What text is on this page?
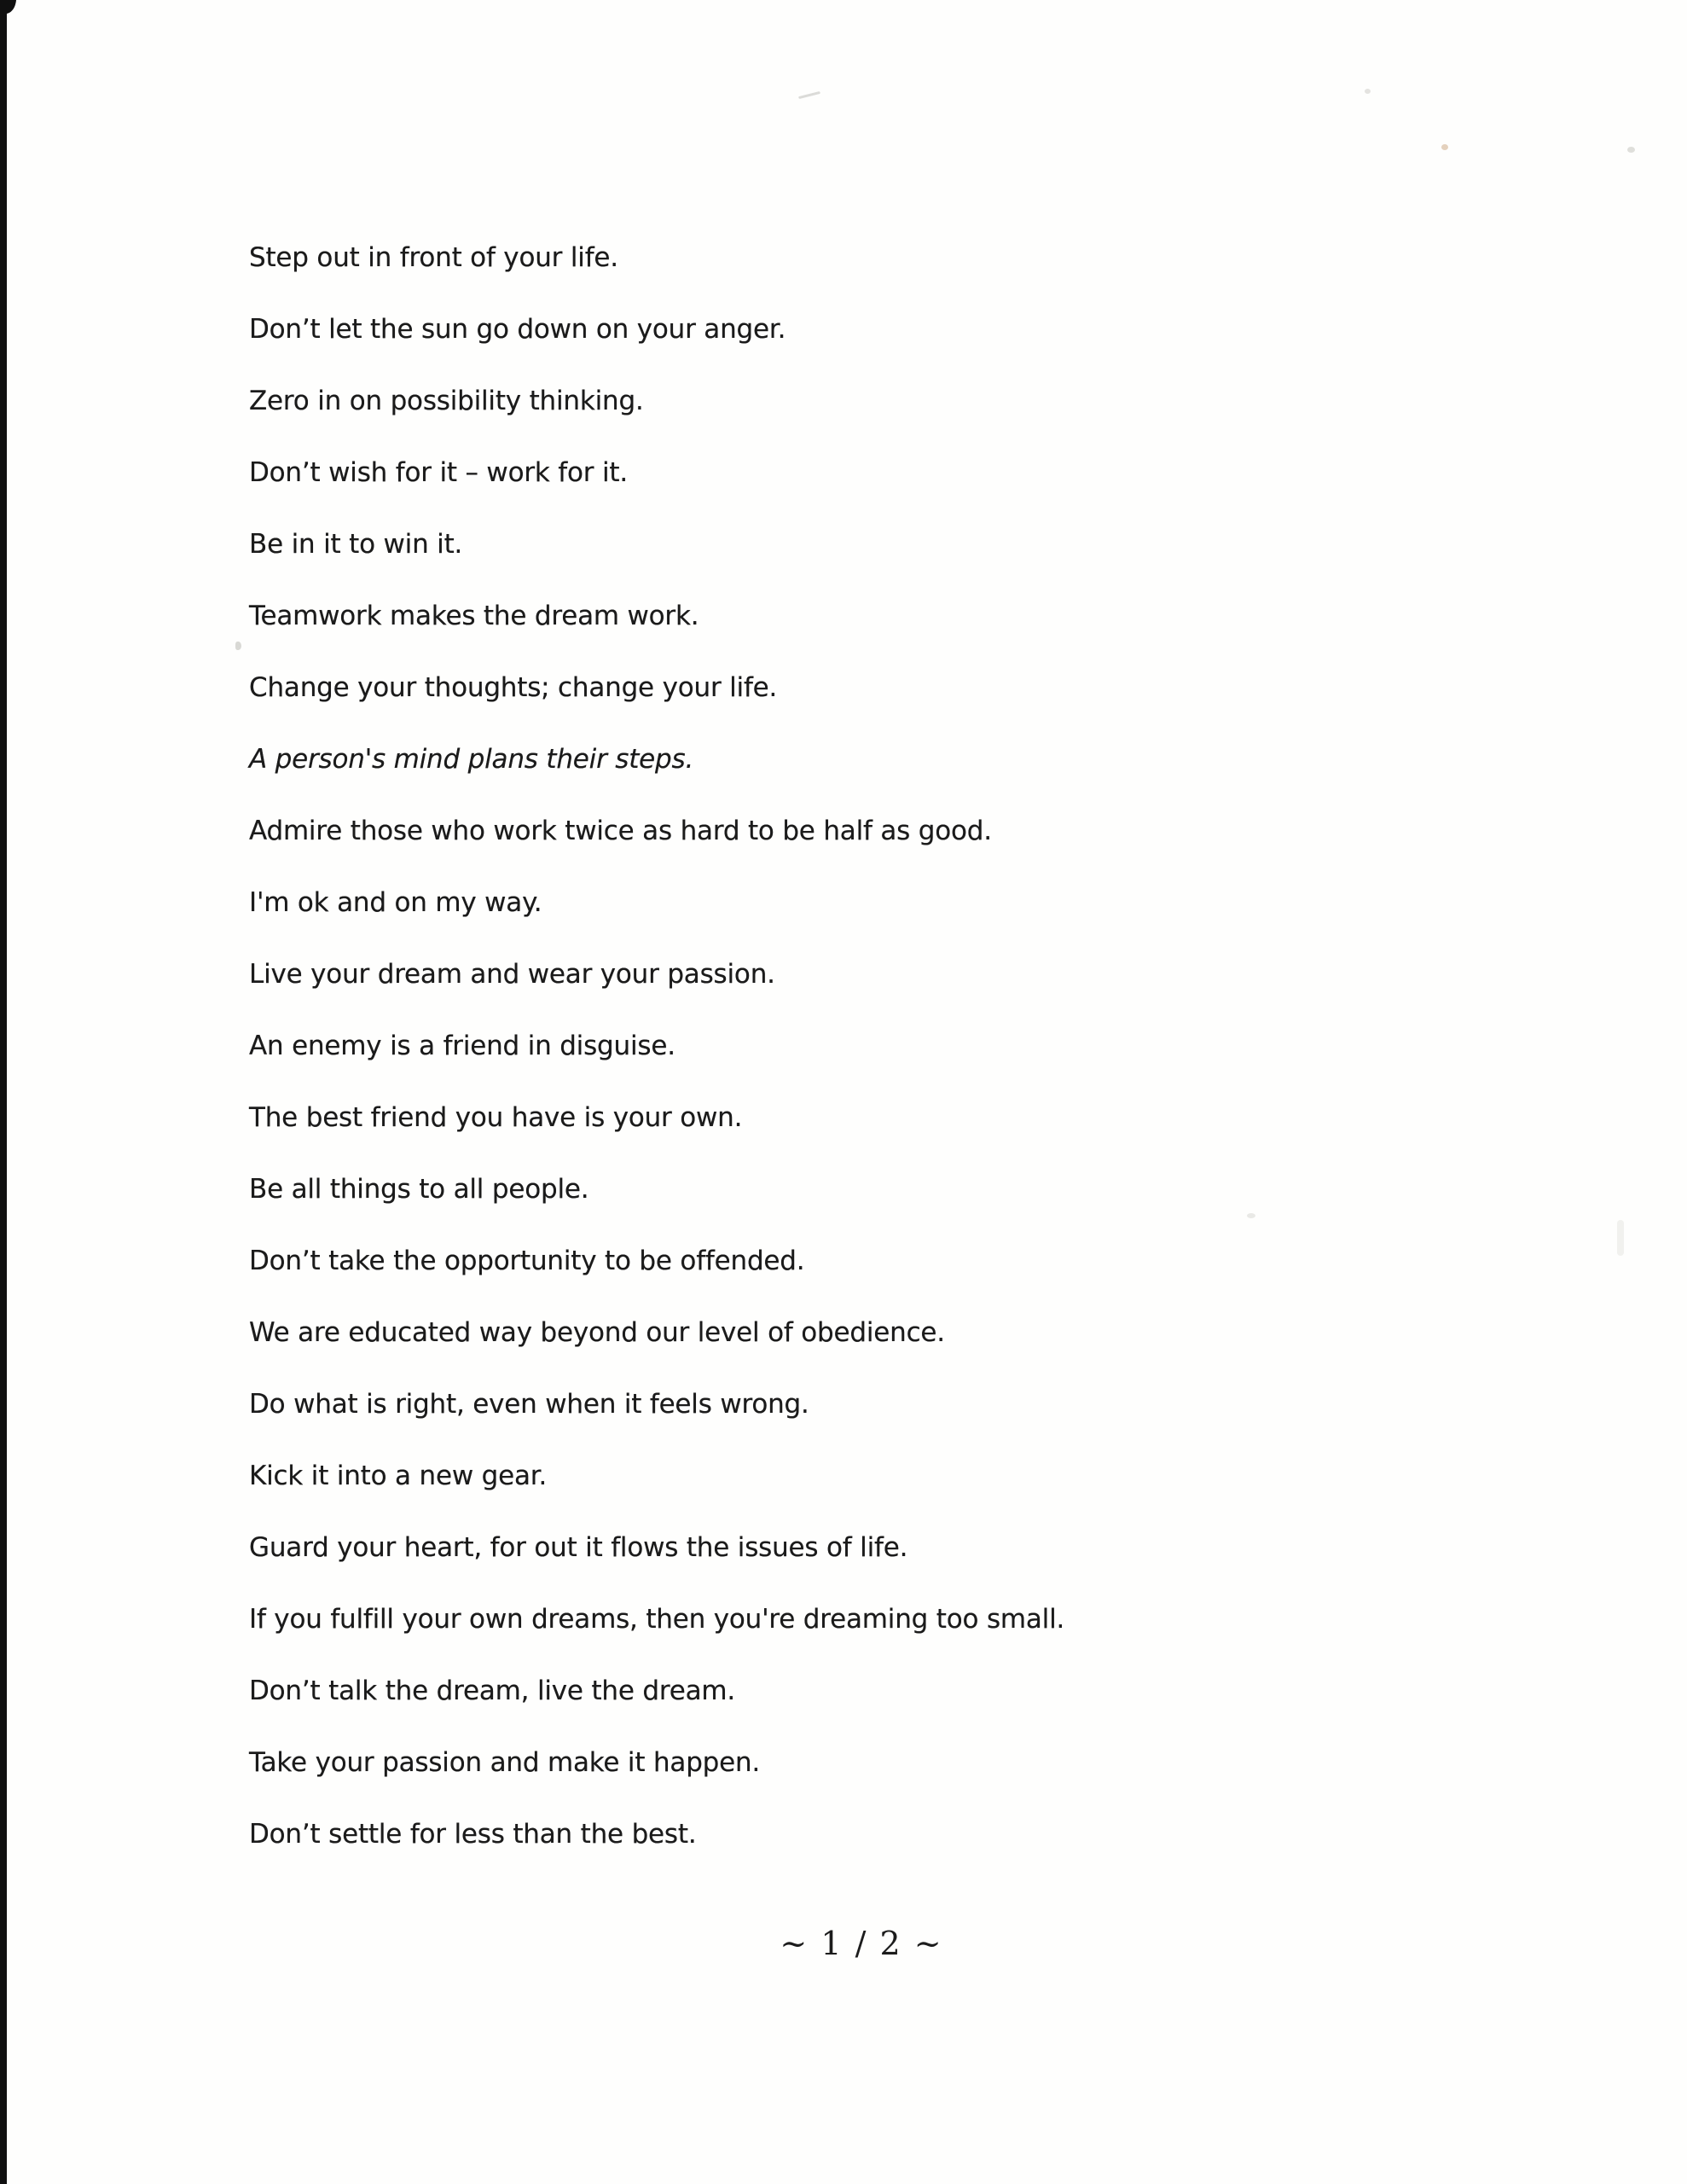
Step out in front of your life.
Don’t let the sun go down on your anger.
Zero in on possibility thinking.
Don’t wish for it – work for it.
Be in it to win it.
Teamwork makes the dream work.
Change your thoughts; change your life.
A person's mind plans their steps.
Admire those who work twice as hard to be half as good.
I'm ok and on my way.
Live your dream and wear your passion.
An enemy is a friend in disguise.
The best friend you have is your own.
Be all things to all people.
Don’t take the opportunity to be offended.
We are educated way beyond our level of obedience.
Do what is right, even when it feels wrong.
Kick it into a new gear.
Guard your heart, for out it flows the issues of life.
If you fulfill your own dreams, then you're dreaming too small.
Don’t talk the dream, live the dream.
Take your passion and make it happen.
Don’t settle for less than the best.
~ 1 / 2 ~
